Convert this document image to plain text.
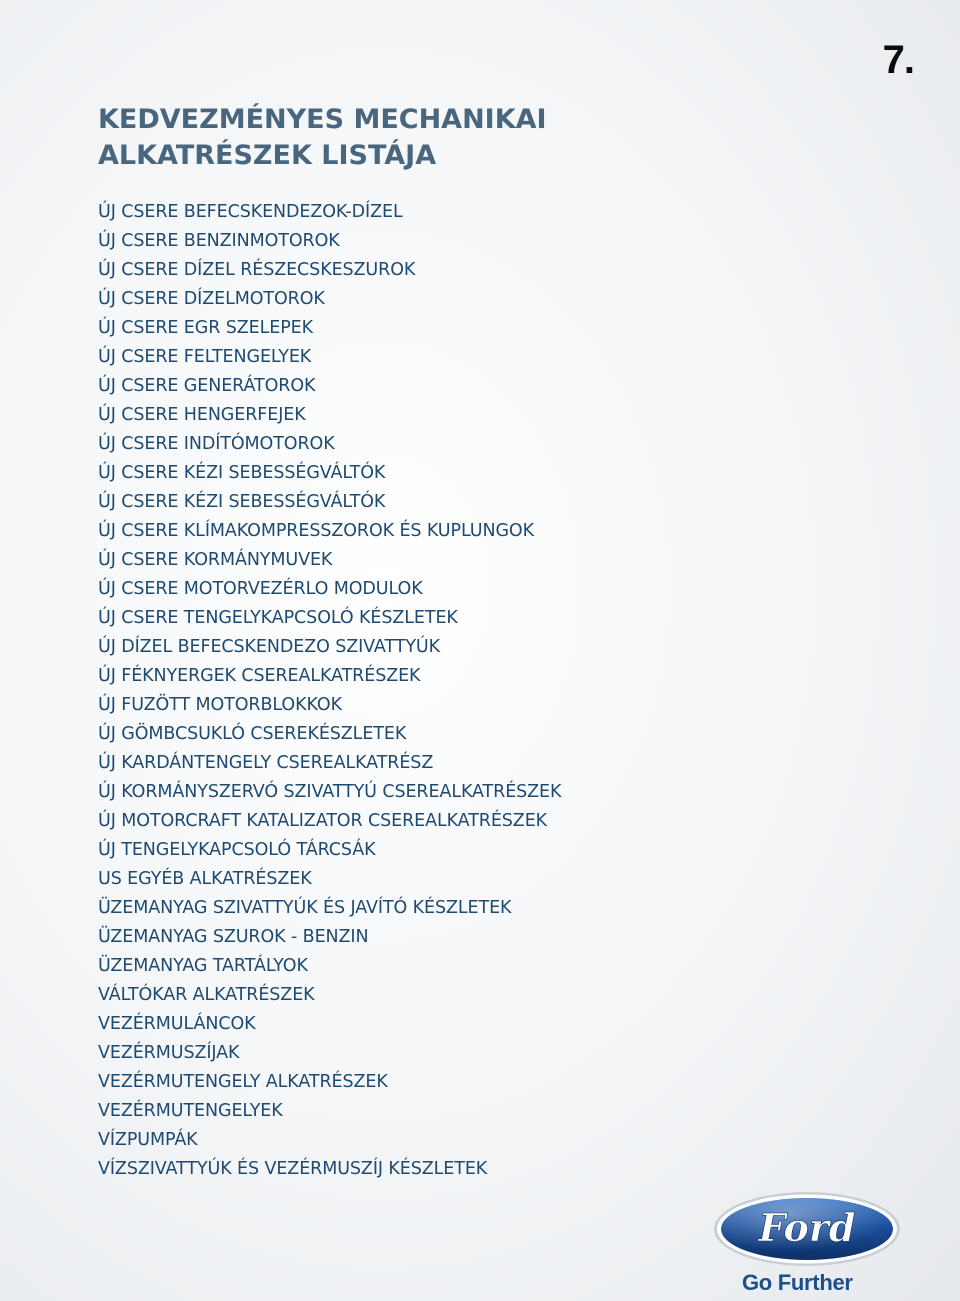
7.
KEDVEZMÉNYES MECHANIKAI
ALKATRÉSZEK LISTÁJA
ÚJ CSERE BEFECSKENDEZOK-DÍZEL
ÚJ CSERE BENZINMOTOROK
ÚJ CSERE DÍZEL RÉSZECSKESZUROK
ÚJ CSERE DÍZELMOTOROK
ÚJ CSERE EGR SZELEPEK
ÚJ CSERE FELTENGELYEK
ÚJ CSERE GENERÁTOROK
ÚJ CSERE HENGERFEJEK
ÚJ CSERE INDÍTÓMOTOROK
ÚJ CSERE KÉZI SEBESSÉGVÁLTÓK
ÚJ CSERE KÉZI SEBESSÉGVÁLTÓK
ÚJ CSERE KLÍMAKOMPRESSZOROK ÉS KUPLUNGOK
ÚJ CSERE KORMÁNYMUVEK
ÚJ CSERE MOTORVEZÉRLO MODULOK
ÚJ CSERE TENGELYKAPCSOLÓ KÉSZLETEK
ÚJ DÍZEL BEFECSKENDEZO SZIVATTYÚK
ÚJ FÉKNYERGEK CSEREALKATRÉSZEK
ÚJ FUZÖTT MOTORBLOKKOK
ÚJ GÖMBCSUKLÓ CSEREKÉSZLETEK
ÚJ KARDÁNTENGELY CSEREALKATRÉSZ
ÚJ KORMÁNYSZERVÓ SZIVATTYÚ CSEREALKATRÉSZEK
ÚJ MOTORCRAFT KATALIZATOR CSEREALKATRÉSZEK
ÚJ TENGELYKAPCSOLÓ TÁRCSÁK
US EGYÉB ALKATRÉSZEK
ÜZEMANYAG SZIVATTYÚK ÉS JAVÍTÓ KÉSZLETEK
ÜZEMANYAG SZUROK - BENZIN
ÜZEMANYAG TARTÁLYOK
VÁLTÓKAR ALKATRÉSZEK
VEZÉRMULÁNCOK
VEZÉRMUSZÍJAK
VEZÉRMUTENGELY ALKATRÉSZEK
VEZÉRMUTENGELYEK
VÍZPUMPÁK
VÍZSZIVATTYÚK ÉS VEZÉRMUSZÍJ KÉSZLETEK
Ford
Go Further
